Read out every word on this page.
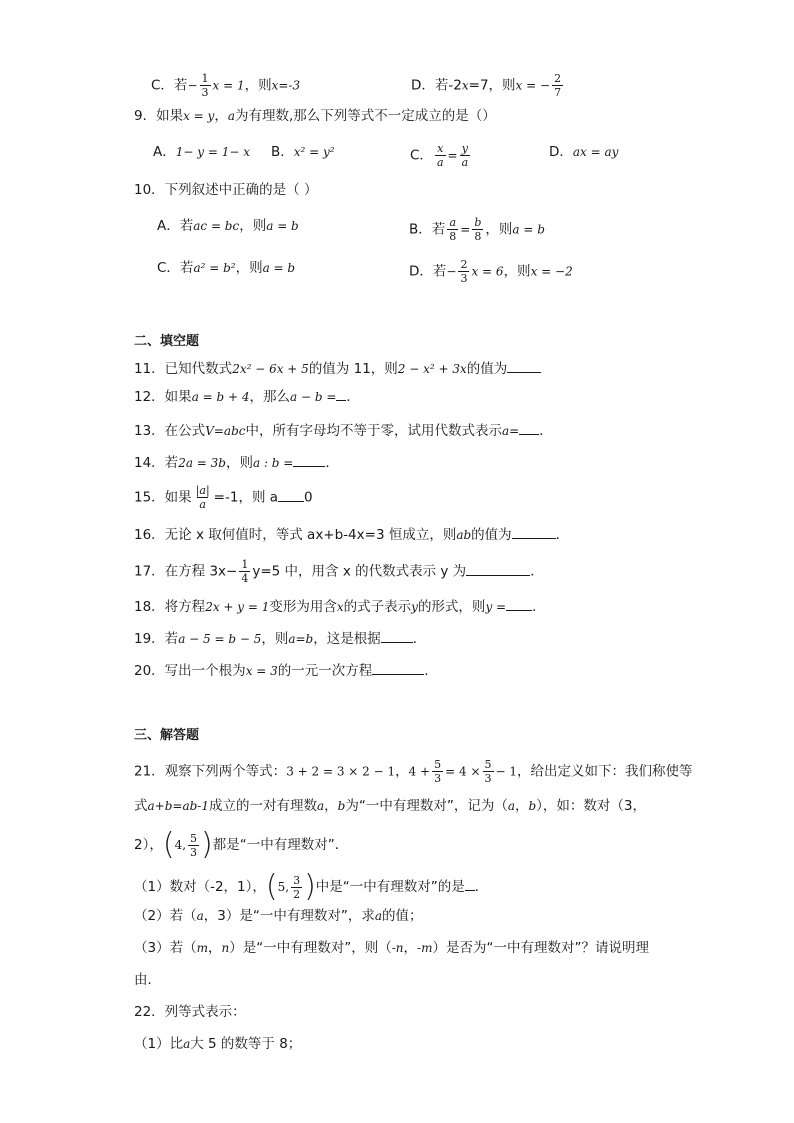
C．若− $\frac{1}{3}$ x = 1，则x=-3	D．若-2x=7，则x = − $\frac{2}{7}$
9．如果x = y，a为有理数,那么下列等式不一定成立的是（）
A．1− y = 1− x B．x² = y²	C． $\frac{x}{a} = \frac{y}{a}$	D．ax = ay
10．下列叙述中正确的是（ ）
A．若ac = bc，则a = b	B．若 $\frac{a}{8} = \frac{b}{8}$ ，则a = b
C．若a² = b²，则a = b	D．若− $\frac{2}{3}$ x = 6，则x = −2
二、填空题
11．已知代数式2x² − 6x + 5的值为 11，则2 − x² + 3x的值为
12．如果a = b + 4，那么a − b = ．
13．在公式V=abc中，所有字母均不等于零，试用代数式表示a= ．
14．若2a = 3b，则a : b = ．
15．如果 $\frac{|a|}{a} =-1$，则 a 0
16．无论 x 取何值时，等式 ax+b-4x=3 恒成立，则ab的值为	．
17．在方程 $3x- \frac{1}{4} y=5$ 中，用含 x 的代数式表示 y 为	．
18．将方程2x + y = 1变形为用含x的式子表示y的形式，则y = ．
19．若a − 5 = b − 5，则a=b，这是根据 ．
20．写出一个根为x = 3的一元一次方程	．
三、解答题
21．观察下列两个等式：3 + 2 = 3 × 2 − 1，$4 + \frac{5}{3} = 4 \times \frac{5}{3} - 1$，给出定义如下：我们称使等
式a+b=ab-1成立的一对有理数a，b为“一中有理数对”，记为（a，b），如：数对（3，
2）， ( 4, 5
3 ) 都是“一中有理数对”．
（1）数对（-2，1）， ( 5, 3
2 ) 中是“一中有理数对”的是 ．
（2）若（a，3）是“一中有理数对”，求a的值；
（3）若（m，n）是“一中有理数对”，则（-n，-m）是否为“一中有理数对”？请说明理
由．
22．列等式表示：
（1）比a大 5 的数等于 8；
